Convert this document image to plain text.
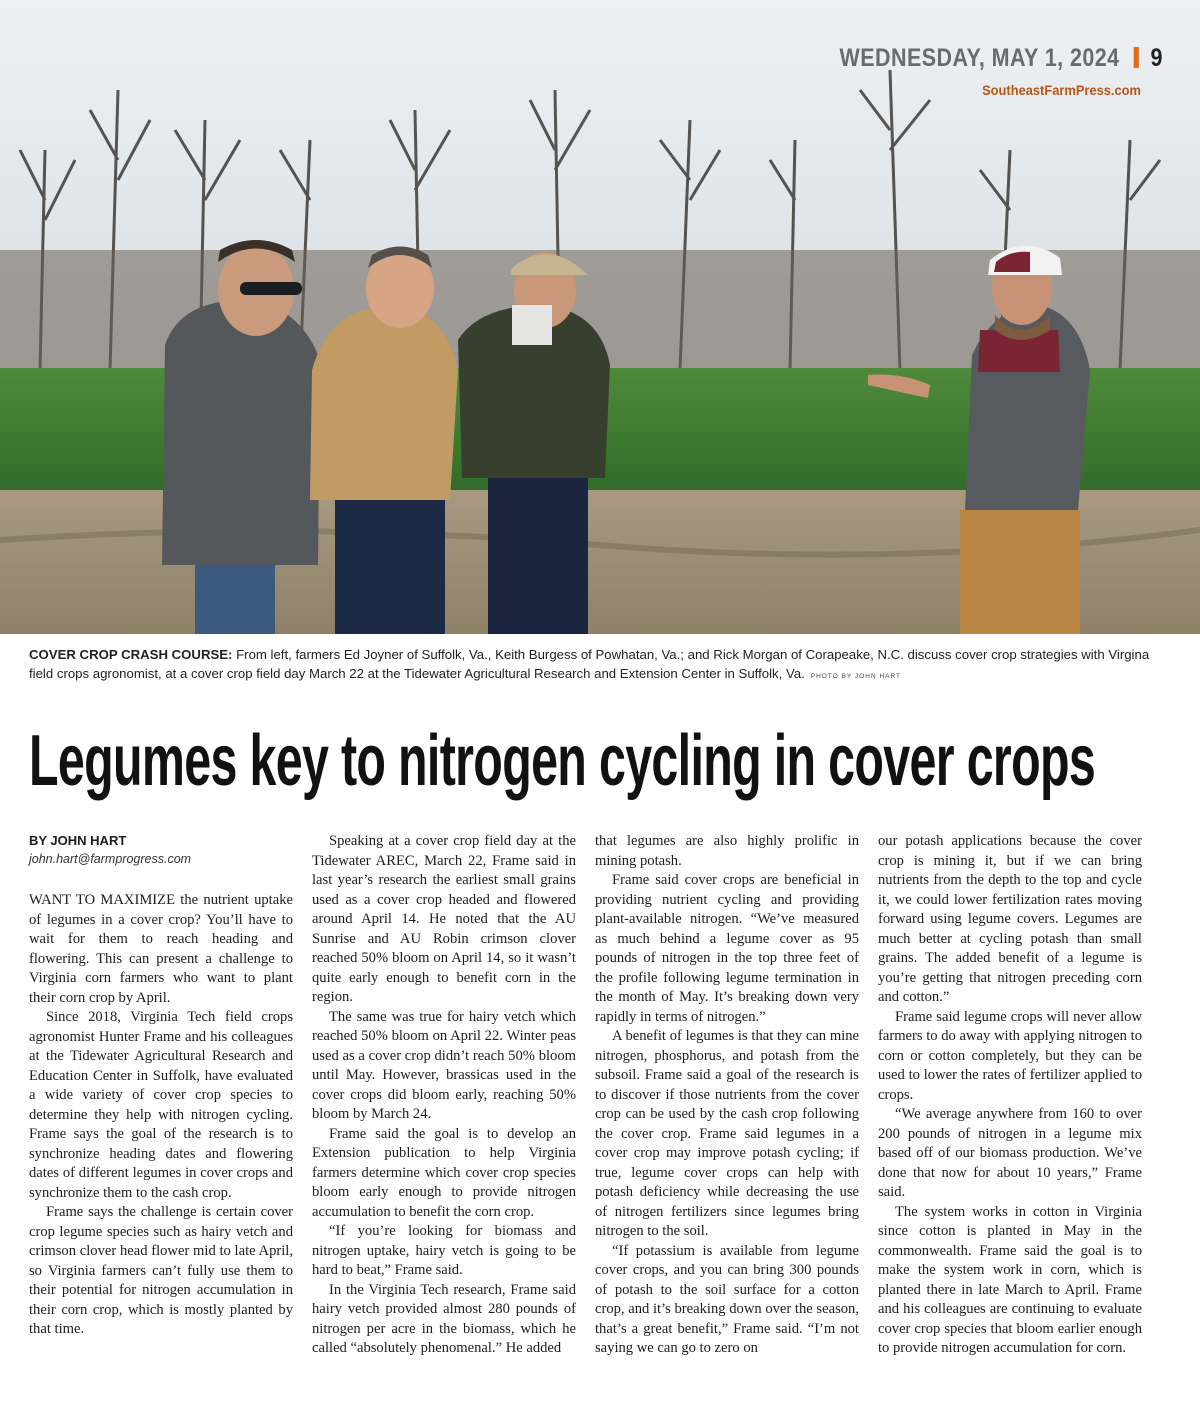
WEDNESDAY, MAY 1, 2024 9
SoutheastFarmPress.com
COVER CROP CRASH COURSE: From left, farmers Ed Joyner of Suffolk, Va., Keith Burgess of Powhatan, Va.; and Rick Morgan of Corapeake, N.C. discuss cover crop strategies with Virgina field crops agronomist, at a cover crop field day March 22 at the Tidewater Agricultural Research and Extension Center in Suffolk, Va. PHOTO BY JOHN HART
Legumes key to nitrogen cycling in cover crops
BY JOHN HART
john.hart@farmprogress.com

WANT TO MAXIMIZE the nutrient uptake of legumes in a cover crop? You’ll have to wait for them to reach heading and flowering. This can present a challenge to Virginia corn farmers who want to plant their corn crop by April.

Since 2018, Virginia Tech field crops agronomist Hunter Frame and his colleagues at the Tidewater Agricultural Research and Education Center in Suffolk, have evaluated a wide variety of cover crop species to determine they help with nitrogen cycling. Frame says the goal of the research is to synchronize heading dates and flowering dates of different legumes in cover crops and synchronize them to the cash crop.

Frame says the challenge is certain cover crop legume species such as hairy vetch and crimson clover head flower mid to late April, so Virginia farmers can’t fully use them to their potential for nitrogen accumulation in their corn crop, which is mostly planted by that time.

Speaking at a cover crop field day at the Tidewater AREC, March 22, Frame said in last year’s research the earliest small grains used as a cover crop headed and flowered around April 14. He noted that the AU Sunrise and AU Robin crimson clover reached 50% bloom on April 14, so it wasn’t quite early enough to benefit corn in the region.

The same was true for hairy vetch which reached 50% bloom on April 22. Winter peas used as a cover crop didn’t reach 50% bloom until May. However, brassicas used in the cover crops did bloom early, reaching 50% bloom by March 24.

Frame said the goal is to develop an Extension publication to help Virginia farmers determine which cover crop species bloom early enough to provide nitrogen accumulation to benefit the corn crop.

“If you’re looking for biomass and nitrogen uptake, hairy vetch is going to be hard to beat,” Frame said.

In the Virginia Tech research, Frame said hairy vetch provided almost 280 pounds of nitrogen per acre in the biomass, which he called “absolutely phenomenal.” He added

that legumes are also highly prolific in mining potash.

Frame said cover crops are beneficial in providing nutrient cycling and providing plant-available nitrogen. “We’ve measured as much behind a legume cover as 95 pounds of nitrogen in the top three feet of the profile following legume termination in the month of May. It’s breaking down very rapidly in terms of nitrogen.”

A benefit of legumes is that they can mine nitrogen, phosphorus, and potash from the subsoil. Frame said a goal of the research is to discover if those nutrients from the cover crop can be used by the cash crop following the cover crop. Frame said legumes in a cover crop may improve potash cycling; if true, legume cover crops can help with potash deficiency while decreasing the use of nitrogen fertilizers since legumes bring nitrogen to the soil.

“If potassium is available from legume cover crops, and you can bring 300 pounds of potash to the soil surface for a cotton crop, and it’s breaking down over the season, that’s a great benefit,” Frame said. “I’m not saying we can go to zero on

our potash applications because the cover crop is mining it, but if we can bring nutrients from the depth to the top and cycle it, we could lower fertilization rates moving forward using legume covers. Legumes are much better at cycling potash than small grains. The added benefit of a legume is you’re getting that nitrogen preceding corn and cotton.”

Frame said legume crops will never allow farmers to do away with applying nitrogen to corn or cotton completely, but they can be used to lower the rates of fertilizer applied to crops.

“We average anywhere from 160 to over 200 pounds of nitrogen in a legume mix based off of our biomass production. We’ve done that now for about 10 years,” Frame said.

The system works in cotton in Virginia since cotton is planted in May in the commonwealth. Frame said the goal is to make the system work in corn, which is planted there in late March to April. Frame and his colleagues are continuing to evaluate cover crop species that bloom earlier enough to provide nitrogen accumulation for corn.
